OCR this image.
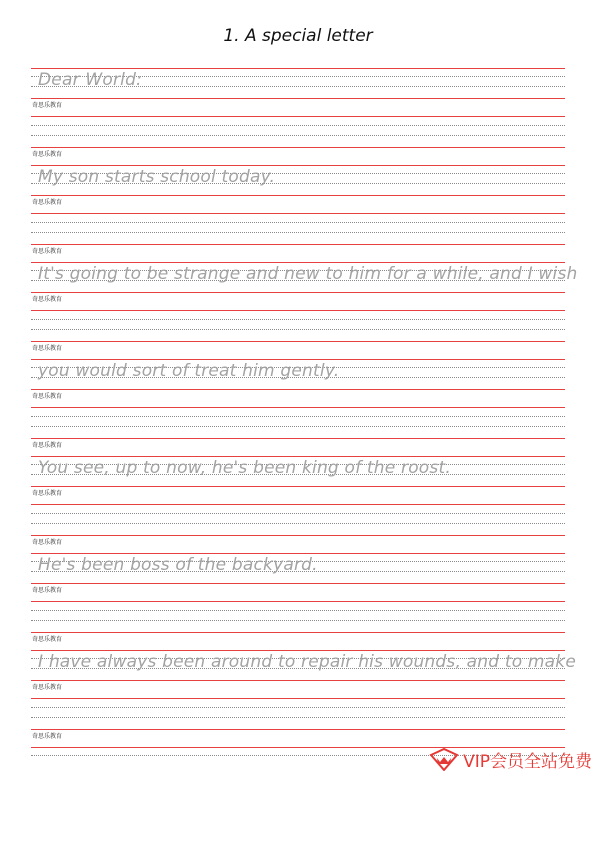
1. A special letter
奇思乐教育
奇思乐教育
Dear World:
奇思乐教育
奇思乐教育
My son starts school today.
奇思乐教育
奇思乐教育
It's going to be strange and new to him for a while, and I wish
奇思乐教育
奇思乐教育
you would sort of treat him gently.
奇思乐教育
奇思乐教育
You see, up to now, he's been king of the roost.
奇思乐教育
奇思乐教育
He's been boss of the backyard.
奇思乐教育
奇思乐教育
I have always been around to repair his wounds, and to make
VIP会员全站免费
